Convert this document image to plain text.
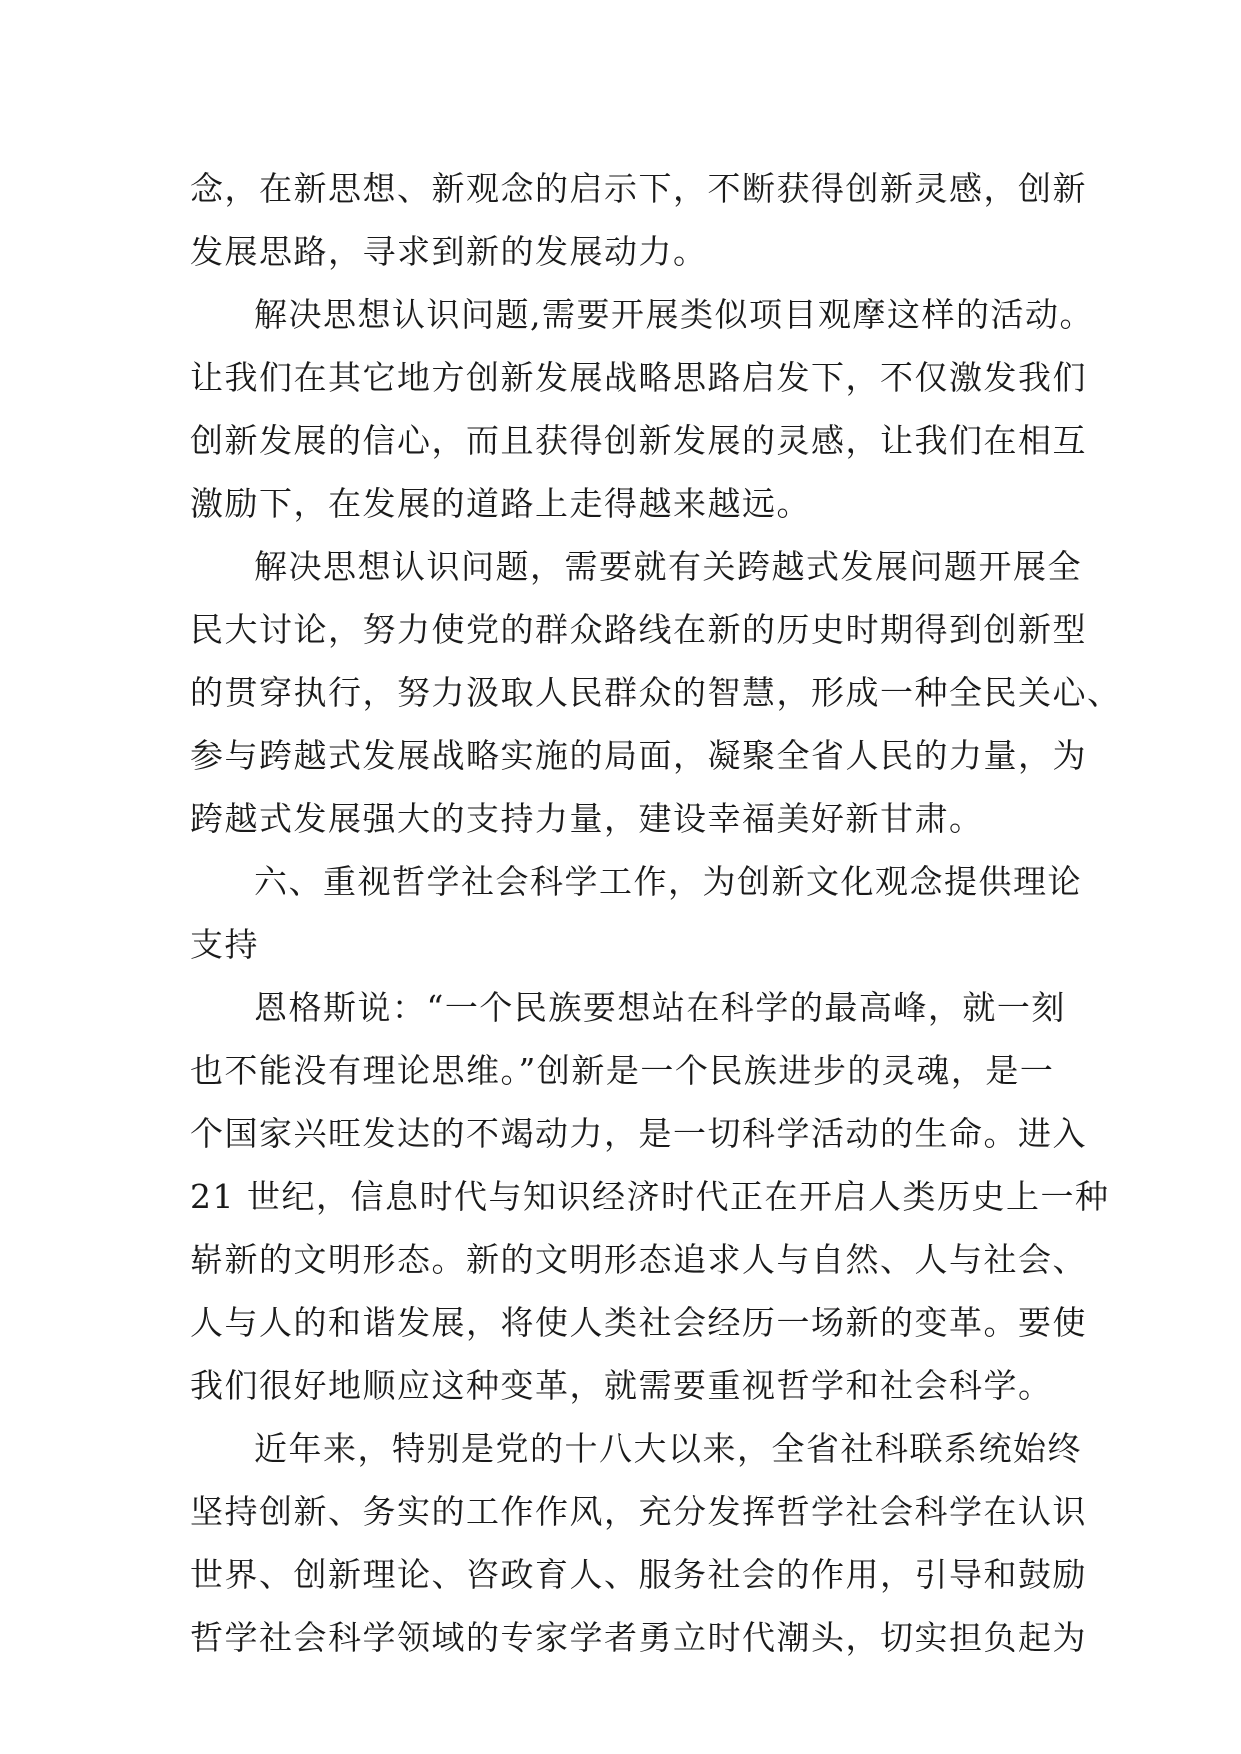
念，在新思想、新观念的启示下，不断获得创新灵感，创新
发展思路，寻求到新的发展动力。
解决思想认识问题,需要开展类似项目观摩这样的活动。
让我们在其它地方创新发展战略思路启发下，不仅激发我们
创新发展的信心，而且获得创新发展的灵感，让我们在相互
激励下，在发展的道路上走得越来越远。
解决思想认识问题，需要就有关跨越式发展问题开展全
民大讨论，努力使党的群众路线在新的历史时期得到创新型
的贯穿执行，努力汲取人民群众的智慧，形成一种全民关心、
参与跨越式发展战略实施的局面，凝聚全省人民的力量，为
跨越式发展强大的支持力量，建设幸福美好新甘肃。
六、重视哲学社会科学工作，为创新文化观念提供理论
支持
恩格斯说：“一个民族要想站在科学的最高峰，就一刻
也不能没有理论思维。”创新是一个民族进步的灵魂，是一
个国家兴旺发达的不竭动力，是一切科学活动的生命。进入
21 世纪，信息时代与知识经济时代正在开启人类历史上一种
崭新的文明形态。新的文明形态追求人与自然、人与社会、
人与人的和谐发展，将使人类社会经历一场新的变革。要使
我们很好地顺应这种变革，就需要重视哲学和社会科学。
近年来，特别是党的十八大以来，全省社科联系统始终
坚持创新、务实的工作作风，充分发挥哲学社会科学在认识
世界、创新理论、咨政育人、服务社会的作用，引导和鼓励
哲学社会科学领域的专家学者勇立时代潮头，切实担负起为
